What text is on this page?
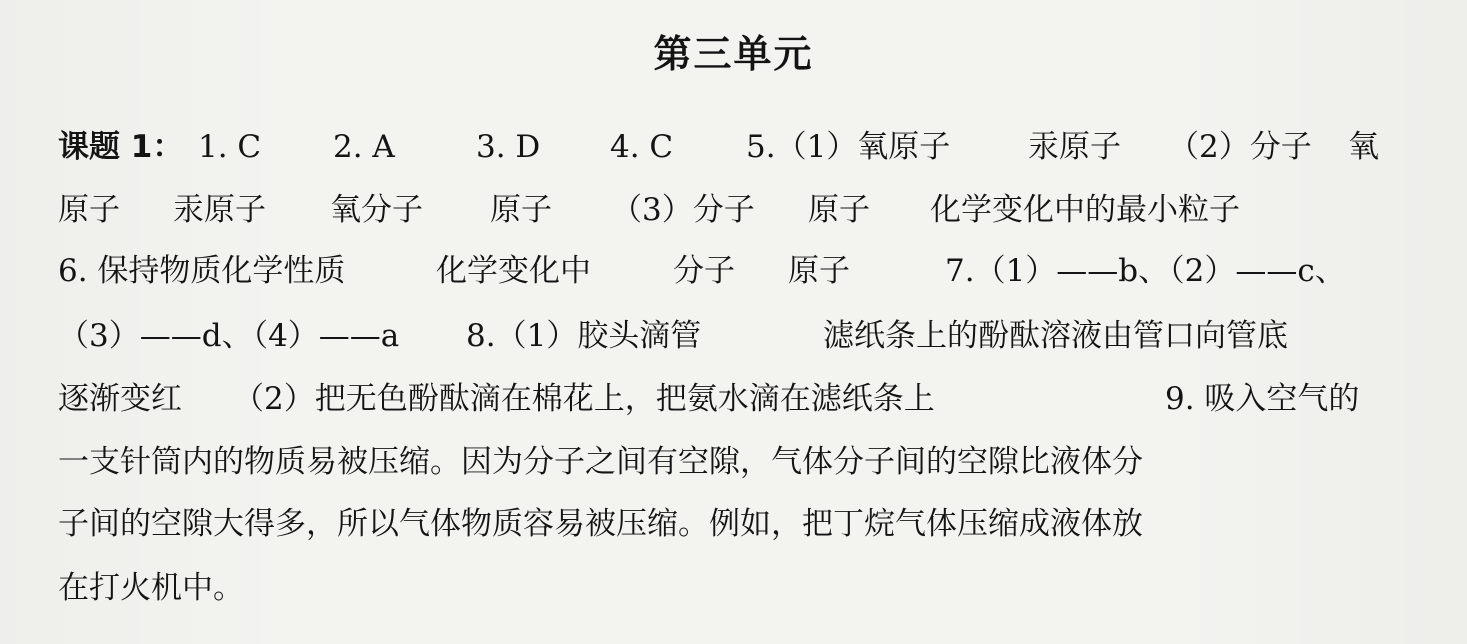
第三单元
课题 1： 1. C 2. A	3. D 4. C 5.（1）氧原子	汞原子 （2）分子 氧
原子 汞原子 氧分子 原子 （3）分子 原子 化学变化中的最小粒子
6. 保持物质化学性质	化学变化中	分子 原子	7.（1）——b、（2）——c、
（3）——d、（4）——a 8.（1）胶头滴管	滤纸条上的酚酞溶液由管口向管底
逐渐变红 （2）把无色酚酞滴在棉花上，把氨水滴在滤纸条上	9. 吸入空气的
一支针筒内的物质易被压缩。因为分子之间有空隙，气体分子间的空隙比液体分
子间的空隙大得多，所以气体物质容易被压缩。例如，把丁烷气体压缩成液体放
在打火机中。
